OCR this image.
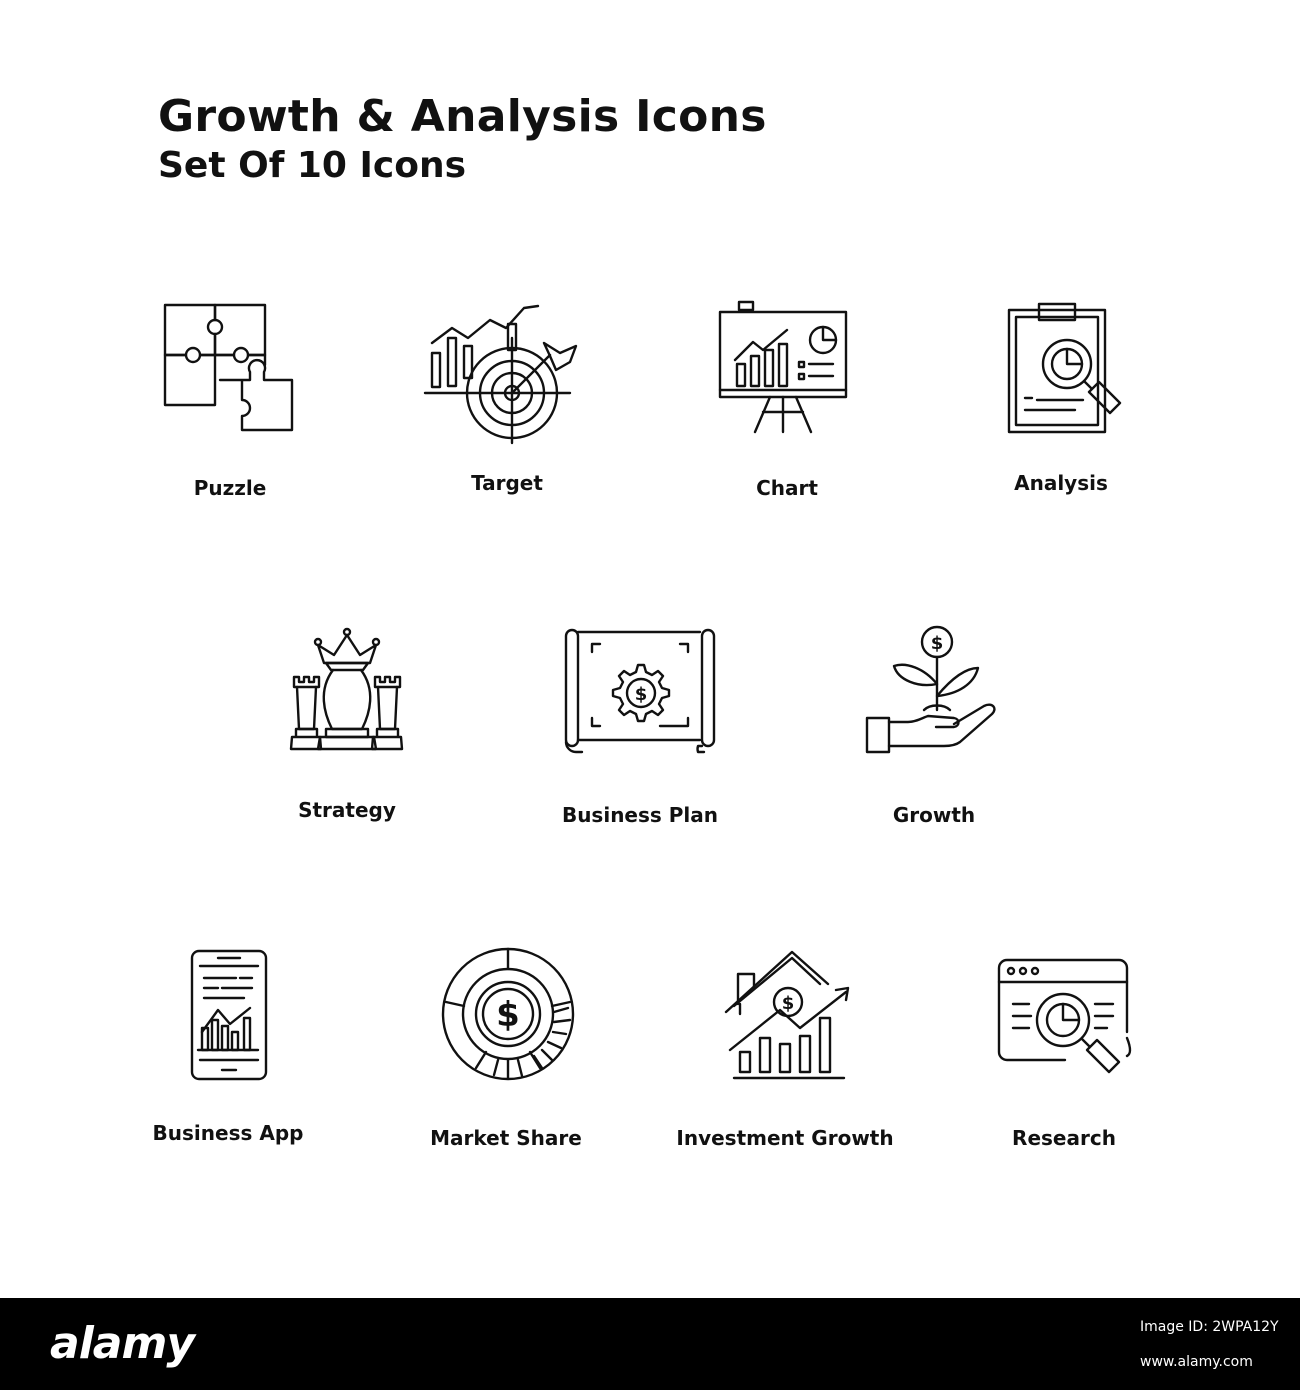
Growth & Analysis Icons
Set Of 10 Icons
Puzzle	Target	Chart	Analysis
Strategy
$
Business Plan
$
Growth
Business App
$
Market Share
$
Investment Growth	Research
alamy	Image ID: 2WPA12Y
www.alamy.com
